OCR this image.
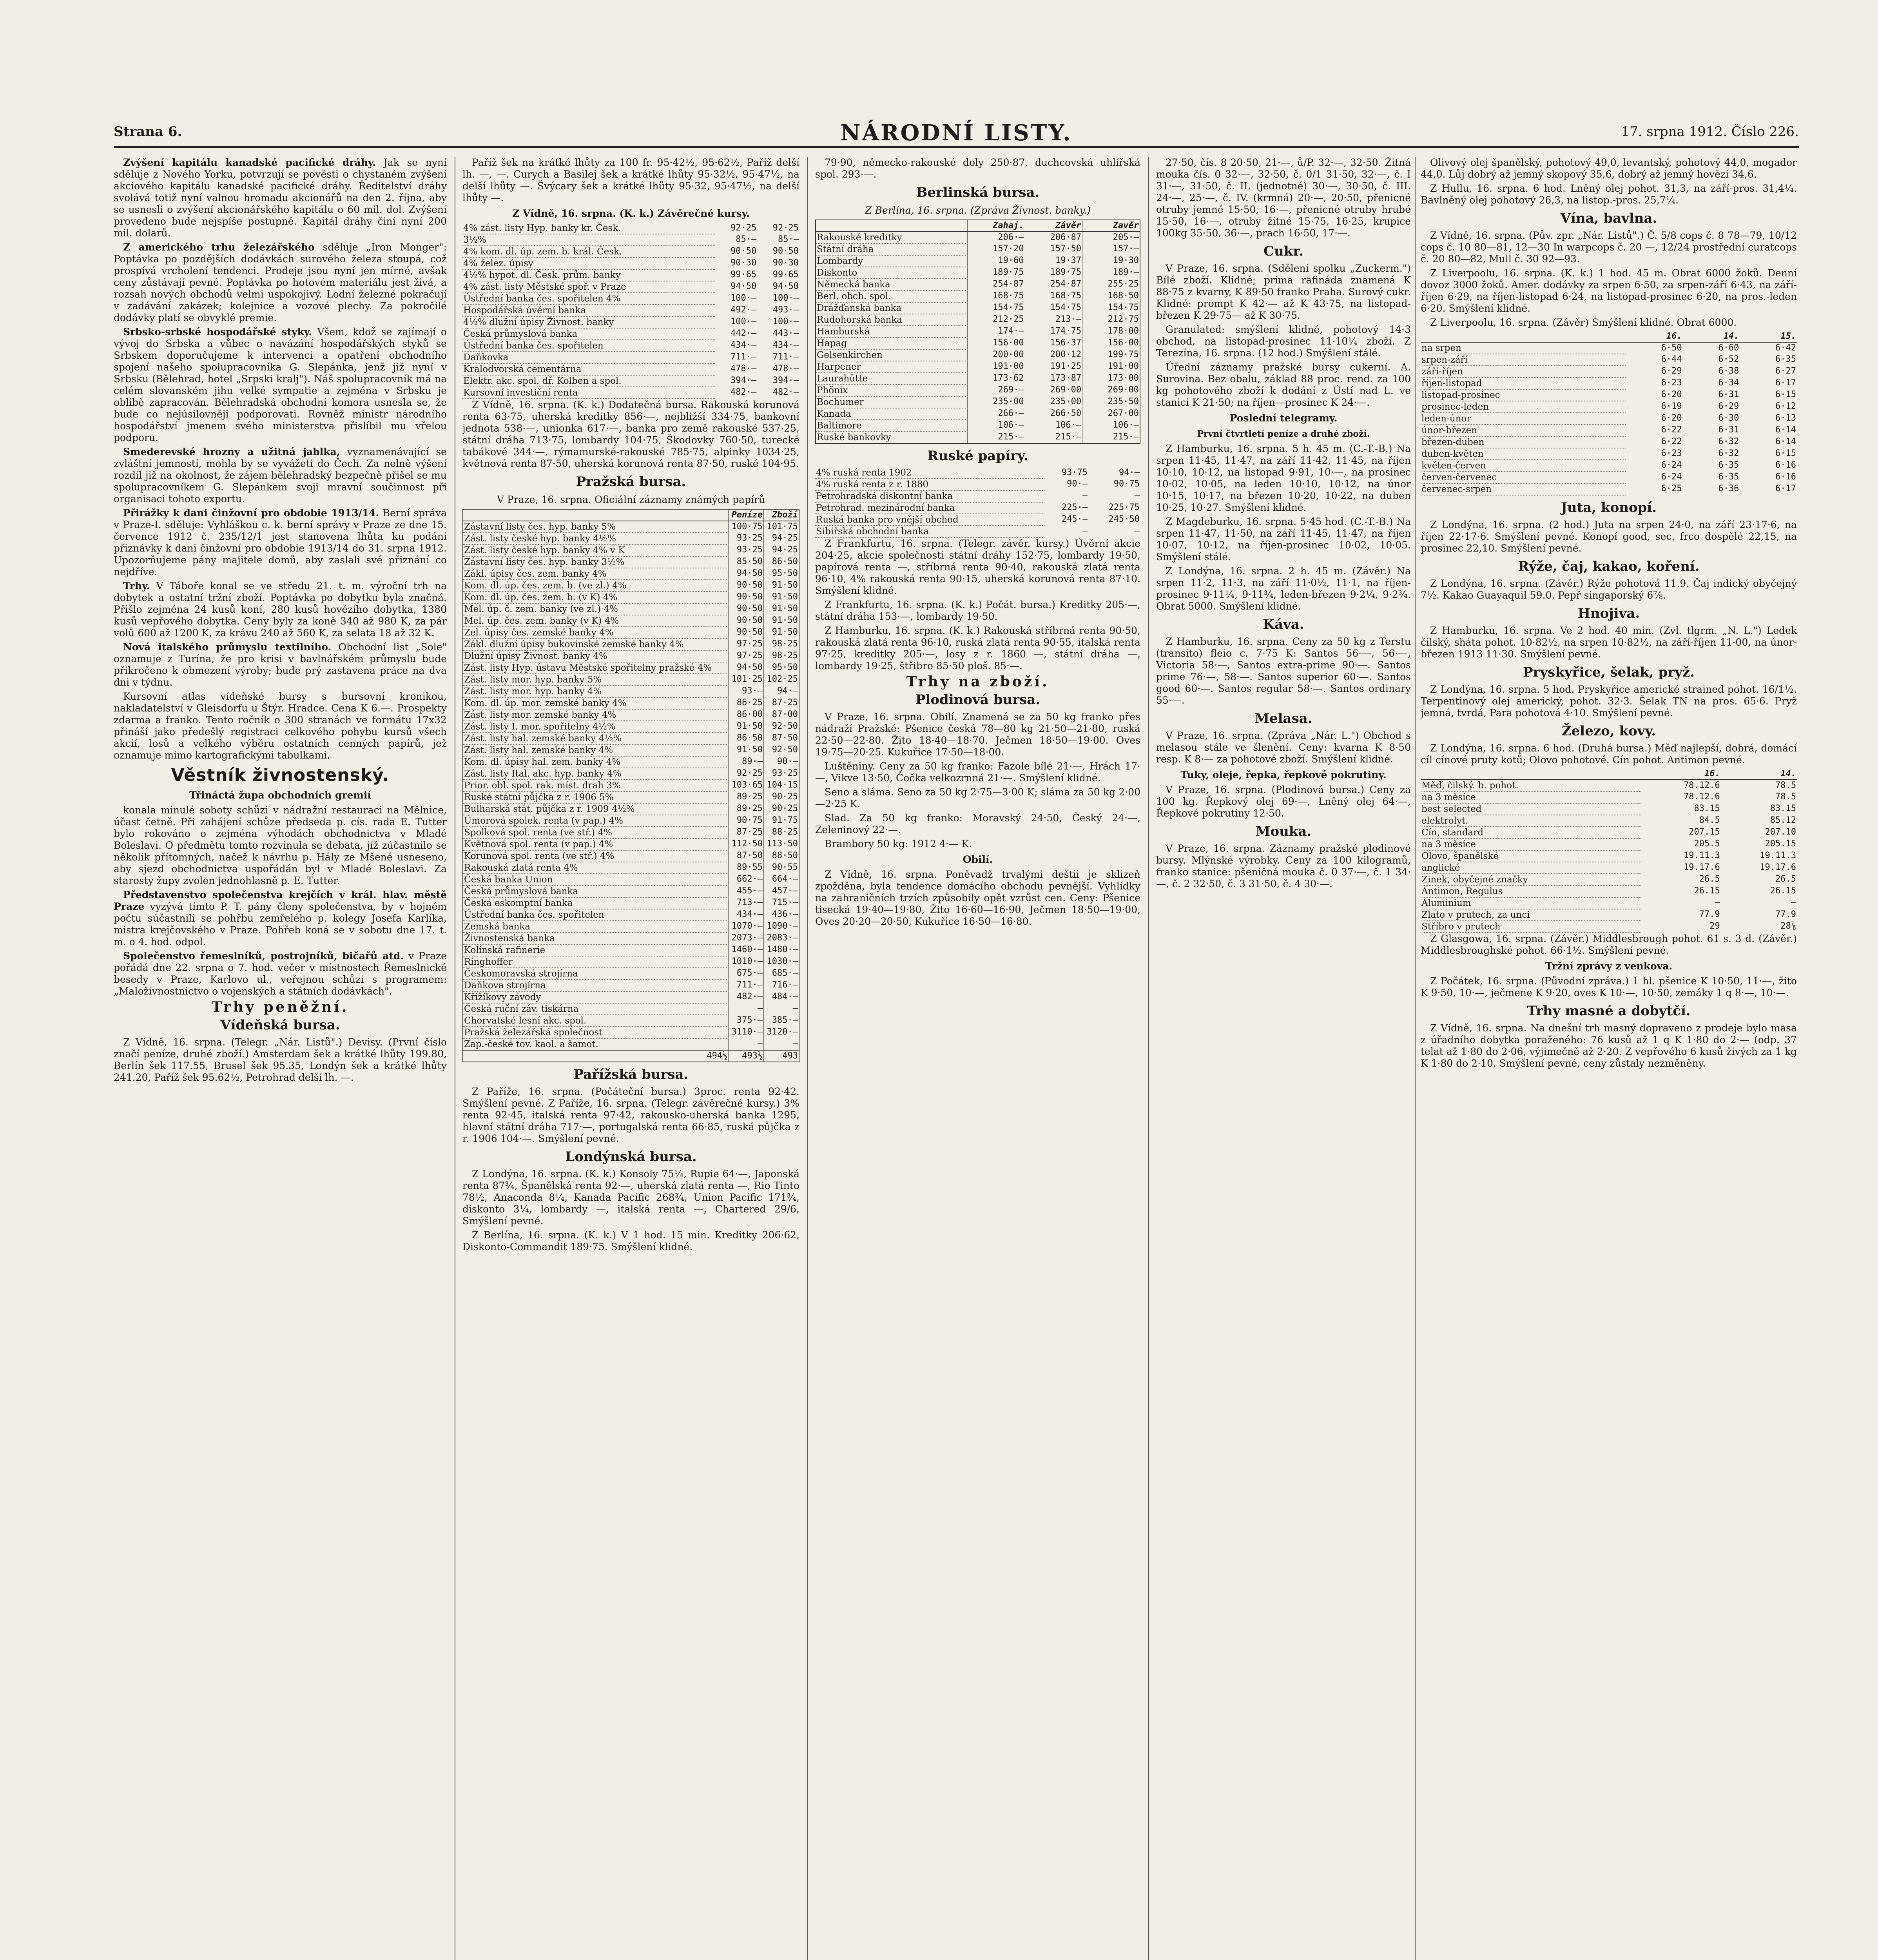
Strana 6.	NÁRODNÍ LISTY.	17. srpna 1912. Číslo 226.

Zvýšení kapitálu kanadské pacifické dráhy. Jak se nyní sděluje z Nového Yorku, potvrzují se pověsti o chystaném zvýšení akciového kapitálu kanadské pacifické dráhy. Ředitelství dráhy svolává totiž nyní valnou hromadu akcionářů na den 2. října, aby se usnesli o zvýšení akcionářského kapitálu o 60 mil. dol. Zvýšení provedeno bude nejspíše postupně. Kapitál dráhy činí nyní 200 mil. dolarů.

Z amerického trhu železářského sděluje „Iron Monger": Poptávka po pozdějších dodávkách surového železa stoupá, což prospívá vrcholení tendenci. Prodeje jsou nyní jen mírné, avšak ceny zůstávají pevné. Poptávka po hotovém materiálu jest živá, a rozsah nových obchodů velmi uspokojivý. Lodní železné pokračují v zadávání zakázek; kolejnice a vozové plechy. Za pokročilé dodávky platí se obvyklé premie.

Srbsko-srbské hospodářské styky. Všem, kdož se zajímají o vývoj do Srbska a vůbec o navázání hospodářských styků se Srbskem doporučujeme k intervenci a opatření obchodního spojení našeho spolupracovníka G. Slepánka, jenž již nyní v Srbsku (Bělehrad, hotel „Srpski kralj"). Náš spolupracovník má na celém slovanském jihu velké sympatie a zejména v Srbsku je oblibě zapracován. Bělehradská obchodní komora usnesla se, že bude co nejúsilovněji podporovati. Rovněž ministr národního hospodářství jmenem svého ministerstva přislíbil mu vřelou podporu.

Smederevské hrozny a užitná jablka, vyznamenávající se zvláštní jemností, mohla by se vyvážeti do Čech. Za nelně výšení rozdíl již na okolnost, že zájem bělehradský bezpečně přišel se mu spolupracovníkem G. Slepánkem svoji mravní součinnost při organisaci tohoto exportu.

Přirážky k dani činžovní pro obdobie 1913/14. Berní správa v Praze-I. sděluje: Vyhláškou c. k. berní správy v Praze ze dne 15. července 1912 č. 235/12/1 jest stanovena lhůta ku podání přiznávky k dani činžovní pro obdobie 1913/14 do 31. srpna 1912. Upozorňujeme pány majitele domů, aby zaslali své přiznání co nejdříve.

Trhy. V Táboře konal se ve středu 21. t. m. výroční trh na dobytek a ostatní tržní zboží. Poptávka po dobytku byla značná. Přišlo zejména 24 kusů koní, 280 kusů hovězího dobytka, 1380 kusů vepřového dobytka. Ceny byly za koně 340 až 980 K, za pár volů 600 až 1200 K, za krávu 240 až 560 K, za selata 18 až 32 K.

Nová italského průmyslu textilního. Obchodní list „Sole" oznamuje z Turína, že pro krisi v bavlnářském průmyslu bude přikročeno k obmezení výroby; bude prý zastavena práce na dva dni v týdnu.

Kursovní atlas vídeňské bursy s bursovní kronikou, nakladatelství v Gleisdorfu u Štýr. Hradce. Cena K 6.—. Prospekty zdarma a franko. Tento ročník o 300 stranách ve formátu 17x32 přináší jako předešlý registraci celkového pohybu kursů všech akcií, losů a velkého výběru ostatních cenných papírů, jež oznamuje mimo kartografickými tabulkami.

Věstník živnostenský.
Třináctá župa obchodních gremií

konala minulé soboty schůzi v nádražní restauraci na Mělnice, účast četně. Při zahájení schůze předseda p. cís. rada E. Tutter bylo rokováno o zejména výhodách obchodnictva v Mladé Boleslavi. O předmětu tomto rozvinula se debata, jíž zúčastnilo se několik přítomných, načež k návrhu p. Hály ze Mšené usneseno, aby sjezd obchodnictva uspořádán byl v Mladé Boleslavi. Za starosty župy zvolen jednohlasně p. E. Tutter.

Představenstvo společenstva krejčích v král. hlav. městě Praze vyzývá tímto P. T. pány členy společenstva, by v hojném počtu súčastnili se pohřbu zemřelého p. kolegy Josefa Karlíka, mistra krejčovského v Praze. Pohřeb koná se v sobotu dne 17. t. m. o 4. hod. odpol.

Společenstvo řemeslníků, postrojníků, bičařů atd. v Praze pořádá dne 22. srpna o 7. hod. večer v místnostech Řemeslnické besedy v Praze, Karlovo ul., veřejnou schůzi s programem: „Maloživnostnictvo o vojenských a státních dodávkách".

Trhy peněžní.
Vídeňská bursa.

Z Vídně, 16. srpna. (Telegr. „Nár. Listů".) Devisy. (První číslo značí peníze, druhé zboží.) Amsterdam šek a krátké lhůty 199.80, Berlín šek 117.55, Brusel šek 95.35, Londýn šek a krátké lhůty 241.20, Paříž šek 95.62½, Petrohrad delší lh. —.

Paříž šek na krátké lhůty za 100 fr. 95·42½, 95·62½, Paříž delší lh. —, —. Curych a Basilej šek a krátké lhůty 95·32½, 95·47½, na delší lhůty —. Švýcary šek a krátké lhůty 95·32, 95·47½, na delší lhůty —.

Z Vídně, 16. srpna. (K. k.) Závěrečné kursy.
4% zást. listy Hyp. banky kr. Česk.	92·25	92·25
3½%	85·—	85·—
4% kom. dl. úp. zem. b. král. Česk.	90·50	90·50
4% želez. úpisy	90·30	90·30
4½% hypot. dl. Česk. prům. banky	99·65	99·65
4% zást. listy Městské spoř. v Praze	94·50	94·50
Ústřední banka čes. spořitelen 4%	100·—	100·—
Hospodářská úvěrní banka	492·—	493·—
4½% dlužní úpisy Živnost. banky	100·—	100·—
Česká průmyslová banka	442·—	443·—
Ústřední banka čes. spořitelen	434·—	434·—
Daňkovka	711·—	711·—
Kralodvorská cementárna	478·—	478·—
Elektr. akc. spol. dř. Kolben a spol.	394·—	394·—
Kursovní investiční renta	482·—	482·—

Z Vídně, 16. srpna. (K. k.) Dodatečná bursa. Rakouská korunová renta 63·75, uherská kreditky 856·—, nejbližší 334·75, bankovní jednota 538·—, unionka 617·—, banka pro země rakouské 537·25, státní dráha 713·75, lombardy 104·75, Škodovky 760·50, turecké tabákové 344·—, rýmamurské-rakouské 785·75, alpinky 1034·25, květnová renta 87·50, uherská korunová renta 87·50, ruské 104·95.

Pražská bursa.
V Praze, 16. srpna. Oficiální záznamy známých papírů
	Peníze	Zboží
Zástavní listy čes. hyp. banky 5%	100·75	101·75
Zást. listy české hyp. banky 4½%	93·25	94·25
Zást. listy české hyp. banky 4% v K	93·25	94·25
Zástavní listy čes. hyp. banky 3½%	85·50	86·50
Zákl. úpisy čes. zem. banky 4%	94·50	95·50
Kom. dl. úp. čes. zem. b. (ve zl.) 4%	90·50	91·50
Kom. dl. úp. čes. zem. b. (v K) 4%	90·50	91·50
Mel. úp. č. zem. banky (ve zl.) 4%	90·50	91·50
Mel. úp. čes. zem. banky (v K) 4%	90·50	91·50
Zel. úpisy čes. zemské banky 4%	90·50	91·50
Zákl. dlužní úpisy bukovinské zemské banky 4%	97·25	98·25
Dlužní úpisy Živnost. banky 4%	97·25	98·25
Zást. listy Hyp. ústavu Městské spořitelny pražské 4%	94·50	95·50
Zást. listy mor. hyp. banky 5%	101·25	102·25
Zást. listy mor. hyp. banky 4%	93·—	94·—
Kom. dl. úp. mor. zemské banky 4%	86·25	87·25
Zást. listy mor. zemské banky 4%	86·00	87·00
Zást. listy I. mor. spořitelny 4½%	91·50	92·50
Zást. listy hal. zemské banky 4½%	86·50	87·50
Zást. listy hal. zemské banky 4%	91·50	92·50
Kom. dl. úpisy hal. zem. banky 4%	89·—	90·—
Zást. listy Ital. akc. hyp. banky 4%	92·25	93·25
Prior. obl. spol. rak. míst. drah 3%	103·65	104·15
Ruské státní půjčka z r. 1906 5%	89·25	90·25
Bulharská stát. půjčka z r. 1909 4½%	89·25	90·25
Úmorová spolek. renta (v pap.) 4%	90·75	91·75
Spolková spol. renta (ve stř.) 4%	87·25	88·25
Květnová spol. renta (v pap.) 4%	112·50	113·50
Korunová spol. renta (ve stř.) 4%	87·50	88·50
Rakouská zlatá renta 4%	89·55	90·55
Česká banka Union	662·—	664·—
Česká průmyslová banka	455·—	457·—
Česká eskomptní banka	713·—	715·—
Ústřední banka čes. spořitelen	434·—	436·—
Zemská banka	1070·—	1090·—
Živnostenská banka	2073·—	2083·—
Kolínská rafinerie	1460·—	1480·—
Ringhoffer	1010·—	1030·—
Českomoravská strojírna	675·—	685·—
Daňkova strojírna	711·—	716·—
Křižíkovy závody	482·—	484·—
Česká ruční záv. tiskárna	—	—
Chorvatské lesní akc. spol.	375·—	385·—
Pražská železářská společnost	3110·—	3120·—
Zap.-české tov. kaol. a šamot.	—	—
494½	493½	493
Pařížská bursa.

Z Paříže, 16. srpna. (Počáteční bursa.) 3proc. renta 92·42. Smýšlení pevné. Z Paříže, 16. srpna. (Telegr. závěrečné kursy.) 3% renta 92·45, italská renta 97·42, rakousko-uherská banka 1295, hlavní státní dráha 717·—, portugalská renta 66·85, ruská půjčka z r. 1906 104·—. Smýšlení pevné.

Londýnská bursa.

Z Londýna, 16. srpna. (K. k.) Konsoly 75¼, Rupie 64·—, Japonská renta 87¾, Španělská renta 92·—, uherská zlatá renta —, Rio Tinto 78½, Anaconda 8¼, Kanada Pacific 268¾, Union Pacific 171¾, diskonto 3¼, lombardy —, italská renta —, Chartered 29/6, Smýšlení pevné.

Z Berlína, 16. srpna. (K. k.) V 1 hod. 15 min. Kreditky 206·62, Diskonto-Commandit 189·75. Smýšlení klidné.

79·90, německo-rakouské doly 250·87, duchcovská uhlířská spol. 293·—.

Berlinská bursa.
Z Berlína, 16. srpna. (Zpráva Živnost. banky.)
	Zahaj.	Závěr	Zavěr
Rakouské kreditky	206·—	206·87	205·—
Státní dráha	157·20	157·50	157·—
Lombardy	19·60	19·37	19·30
Diskonto	189·75	189·75	189·—
Německá banka	254·87	254·87	255·25
Berl. obch. spol.	168·75	168·75	168·50
Drážďanská banka	154·75	154·75	154·75
Rudohorská banka	212·25	213·—	212·75
Hamburská	174·—	174·75	178·00
Hapag	156·00	156·37	156·00
Gelsenkirchen	200·00	200·12	199·75
Harpener	191·00	191·25	191·00
Laurahütte	173·62	173·87	173·00
Phönix	269·—	269·00	269·00
Bochumer	235·00	235·00	235·50
Kanada	266·—	266·50	267·00
Baltimore	106·—	106·—	106·—
Ruské bankovky	215·—	215·—	215·—
Ruské papíry.
4% ruská renta 1902	93·75	94·—
4% ruská renta z r. 1880	90·—	90·75
Petrohradská diskontní banka	—	—
Petrohrad. mezinárodní banka	225·—	225·75
Ruská banka pro vnější obchod	245·—	245·50
Sibiřská obchodní banka	—	—

Z Frankfurtu, 16. srpna. (Telegr. závěr. kursy.) Úvěrní akcie 204·25, akcie společnosti státní dráhy 152·75, lombardy 19·50, papírová renta —, stříbrná renta 90·40, rakouská zlatá renta 96·10, 4% rakouská renta 90·15, uherská korunová renta 87·10. Smýšlení klidné.

Z Frankfurtu, 16. srpna. (K. k.) Počát. bursa.) Kreditky 205·—, státní dráha 153·—, lombardy 19·50.

Z Hamburku, 16. srpna. (K. k.) Rakouská stříbrná renta 90·50, rakouská zlatá renta 96·10, ruská zlatá renta 90·55, italská renta 97·25, kreditky 205·—, losy z r. 1860 —, státní dráha —, lombardy 19·25, štřibro 85·50 ploš. 85·—.

Trhy na zboží.
Plodinová bursa.

V Praze, 16. srpna. Obilí. Znamená se za 50 kg franko přes nádraží Pražské: Pšenice česká 78—80 kg 21·50—21·80, ruská 22·50—22·80. Žito 18·40—18·70. Ječmen 18·50—19·00. Oves 19·75—20·25. Kukuřice 17·50—18·00.

Luštěniny. Ceny za 50 kg franko: Fazole bílé 21·—, Hrách 17·—, Vikve 13·50, Čočka velkozrnná 21·—. Smýšlení klidné.

Seno a sláma. Seno za 50 kg 2·75—3·00 K; sláma za 50 kg 2·00—2·25 K.

Slad. Za 50 kg franko: Moravský 24·50, Český 24·—, Zeleninový 22·—.

Brambory 50 kg: 1912 4·— K.

Obilí.

Z Vídně, 16. srpna. Poněvadž trvalými deštii je sklizeň zpožděna, byla tendence domácího obchodu pevnější. Vyhlídky na zahraničních trzích způsobily opět vzrůst cen. Ceny: Pšenice tisecká 19·40—19·80, Žito 16·60—16·90, Ječmen 18·50—19·00, Oves 20·20—20·50, Kukuřice 16·50—16·80.

27·50, čís. 8 20·50, 21·—, ů/P. 32·—, 32·50. Žitná mouka čís. 0 32·—, 32·50, č. 0/1 31·50, 32·—, č. I 31·—, 31·50, č. II. (jednotné) 30·—, 30·50, č. III. 24·—, 25·—, č. IV. (krmná) 20·—, 20·50, přenicné otruby jemné 15·50, 16·—, přenicné otruby hrubé 15·50, 16·—, otruby žitné 15·75, 16·25, krupice 100kg 35·50, 36·—, prach 16·50, 17·—.

Cukr.

V Praze, 16. srpna. (Sdělení spolku „Zuckerm.") Bílé zboží. Klidné; prima rafináda znamená K 88·75 z kvarny, K 89·50 franko Praha. Surový cukr. Klidné: prompt K 42·— až K 43·75, na listopad-březen K 29·75— až K 30·75.

Granulated: smýšlení klidné, pohotový 14·3 obchod, na listopad-prosinec 11·10¼ zboží. Z Terezína, 16. srpna. (12 hod.) Smýšlení stálé.

Úřední záznamy pražské bursy cukerní. A. Surovina. Bez obalu, základ 88 proc. rend. za 100 kg pohotového zboží k dodání z Ústí nad L. ve stanici K 21·50; na říjen—prosinec K 24·—.

Poslední telegramy.
První čtvrtletí peníze a druhé zboží.

Z Hamburku, 16. srpna. 5 h. 45 m. (C.-T.-B.) Na srpen 11·45, 11·47, na září 11·42, 11·45, na říjen 10·10, 10·12, na listopad 9·91, 10·—, na prosinec 10·02, 10·05, na leden 10·10, 10·12, na únor 10·15, 10·17, na březen 10·20, 10·22, na duben 10·25, 10·27. Smýšlení klidné.

Z Magdeburku, 16. srpna. 5·45 hod. (C.-T.-B.) Na srpen 11·47, 11·50, na září 11·45, 11·47, na říjen 10·07, 10·12, na říjen-prosinec 10·02, 10·05. Smýšlení stálé.

Z Londýna, 16. srpna. 2 h. 45 m. (Závěr.) Na srpen 11·2, 11·3, na září 11·0½, 11·1, na říjen-prosinec 9·11¼, 9·11¾, leden-březen 9·2¼, 9·2¾. Obrat 5000. Smýšlení klidné.

Káva.

Z Hamburku, 16. srpna. Ceny za 50 kg z Terstu (transito) fleio c. 7·75 K: Santos 56·—, 56·—, Victoria 58·—, Santos extra-prime 90·—. Santos prime 76·—, 58·—. Santos superior 60·—. Santos good 60·—. Santos regular 58·—. Santos ordinary 55·—.

Melasa.

V Praze, 16. srpna. (Zpráva „Nár. L.") Obchod s melasou stále ve šlenění. Ceny: kvarna K 8·50 resp. K 8·— za pohotové zboží. Smýšlení klidné.

Tuky, oleje, řepka, řepkové pokrutiny.

V Praze, 16. srpna. (Plodinová bursa.) Ceny za 100 kg. Řepkový olej 69·—, Lněný olej 64·—, Řepkové pokrutiny 12·50.

Mouka.

V Praze, 16. srpna. Záznamy pražské plodinové bursy. Mlýnské výrobky. Ceny za 100 kilogramů, franko stanice: pšeničná mouka č. 0 37·—, č. 1 34·—, č. 2 32·50, č. 3 31·50, č. 4 30·—.

Olivový olej španělský, pohotový 49,0, levantský, pohotový 44,0, mogador 44,0. Lůj dobrý až jemný skopový 35,6, dobrý až jemný hovězí 34,6.

Z Hullu, 16. srpna. 6 hod. Lněný olej pohot. 31,3, na září-pros. 31,4¼. Bavlněný olej pohotový 26,3, na listop.-pros. 25,7¼.

Vína, bavlna.

Z Vídně, 16. srpna. (Pův. zpr. „Nár. Listů".) Č. 5/8 cops č. 8 78—79, 10/12 cops č. 10 80—81, 12—30 In warpcops č. 20 —, 12/24 prostřední curatcops č. 20 80—82, Mull č. 30 92—93.

Z Liverpoolu, 16. srpna. (K. k.) 1 hod. 45 m. Obrat 6000 žoků. Denní dovoz 3000 žoků. Amer. dodávky za srpen 6·50, za srpen-září 6·43, na září-říjen 6·29, na říjen-listopad 6·24, na listopad-prosinec 6·20, na pros.-leden 6·20. Smýšlení klidné.

Z Liverpoolu, 16. srpna. (Závěr) Smýšlení klidné. Obrat 6000.

	16.	14.	15.
na srpen	6·50	6·60	6·42
srpen-září	6·44	6·52	6·35
září-říjen	6·29	6·38	6·27
říjen-listopad	6·23	6·34	6·17
listopad-prosinec	6·20	6·31	6·15
prosinec-leden	6·19	6·29	6·12
leden-únor	6·20	6·30	6·13
únor-březen	6·22	6·31	6·14
březen-duben	6·22	6·32	6·14
duben-květen	6·23	6·32	6·15
květen-červen	6·24	6·35	6·16
červen-červenec	6·24	6·35	6·16
červenec-srpen	6·25	6·36	6·17
Juta, konopí.

Z Londýna, 16. srpna. (2 hod.) Juta na srpen 24·0, na září 23·17·6, na říjen 22·17·6. Smýšlení pevné. Konopí good, sec. frco dospělé 22,15, na prosinec 22,10. Smýšlení pevné.

Rýže, čaj, kakao, koření.

Z Londýna, 16. srpna. (Závěr.) Rýže pohotová 11.9. Čaj indický obyčejný 7½. Kakao Guayaquil 59.0. Pepř singaporský 6⅞.

Hnojiva.

Z Hamburku, 16. srpna. Ve 2 hod. 40 min. (Zvl. tlgrm. „N. L.") Ledek čilský, sháta pohot. 10·82½, na srpen 10·82½, na září-říjen 11·00, na únor-březen 1913 11·30. Smýšlení pevné.

Pryskyřice, šelak, pryž.

Z Londýna, 16. srpna. 5 hod. Pryskyřice americké strained pohot. 16/1½. Terpentinový olej americký, pohot. 32·3. Šelak TN na pros. 65·6. Pryž jemná, tvrdá, Para pohotová 4·10. Smýšlení pevné.

Železo, kovy.

Z Londýna, 16. srpna. 6 hod. (Druhá bursa.) Měď najlepší, dobrá, domácí cíl cínové pruty kotů; Olovo pohotové. Cín pohot. Antimon pevné.

		16.	14.
Měď, čilský. b. pohot.		78.12.6	78.5
na 3 měsíce		78.12.6	78.5
best selected		83.15	83.15
elektrolyt.		84.5	85.12
Cín, standard		207.15	207.10
na 3 měsíce		205.5	205.15
Olovo, španělské		19.11.3	19.11.3
anglické		19.17.6	19.17.6
Zinek, obyčejné značky		26.5	26.5
Antimon, Regulus		26.15	26.15
Aluminium		—	—
Zlato v prutech, za unci		77.9	77.9
Stříbro v prutech		29	28⅞

Z Glasgowa, 16. srpna. (Závěr.) Middlesbrough pohot. 61 s. 3 d. (Závěr.) Middlesbroughské pohot. 66·1½. Smýšlení pevné.

Tržní zprávy z venkova.

Z Počátek, 16. srpna. (Původní zpráva.) 1 hl. pšenice K 10·50, 11·—, žito K 9·50, 10·—, ječmene K 9·20, oves K 10·—, 10·50, zemáky 1 q 8·—, 10·—.

Trhy masné a dobytčí.

Z Vídně, 16. srpna. Na dnešní trh masný dopraveno z prodeje bylo masa z úřadního dobytka poraženého: 76 kusů až 1 q K 1·80 do 2·— (odp. 37 telat až 1·80 do 2·06, výjimečně až 2·20. Z vepřového 6 kusů živých za 1 kg K 1·80 do 2·10. Smýšlení pevné, ceny zůstaly nezměněny.
